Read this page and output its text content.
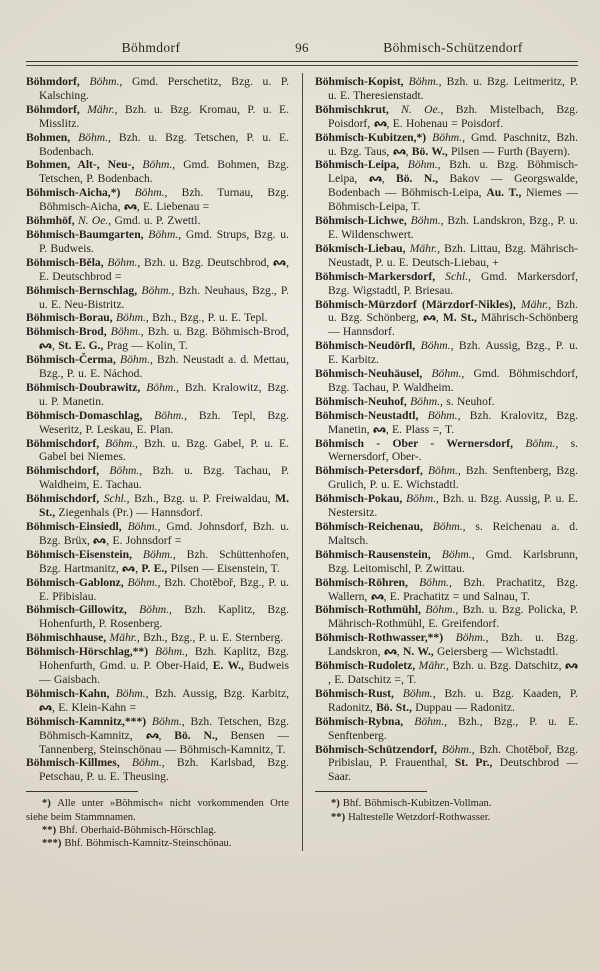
Böhmdorf	96	Böhmisch-Schützendorf

Böhmdorf, Böhm., Gmd. Perschetitz, Bzg. u. P. Kalsching.

Böhmdorf, Mähr., Bzh. u. Bzg. Kromau, P. u. E. Misslitz.

Bohmen, Böhm., Bzh. u. Bzg. Tetschen, P. u. E. Bodenbach.

Bohmen, Alt-, Neu-, Böhm., Gmd. Bohmen, Bzg. Tetschen, P. Bodenbach.

Böhmisch-Aicha,*) Böhm., Bzh. Turnau, Bzg. Böhmisch-Aicha,
, E. Liebenau =

Böhmhöf, N. Oe., Gmd. u. P. Zwettl.

Böhmisch-Baumgarten, Böhm., Gmd. Strups, Bzg. u. P. Budweis.

Böhmisch-Běla, Böhm., Bzh. u. Bzg. Deutschbrod,
, E. Deutschbrod =

Böhmisch-Bernschlag, Böhm., Bzh. Neuhaus, Bzg., P. u. E. Neu-Bistritz.

Böhmisch-Borau, Böhm., Bzh., Bzg., P. u. E. Tepl.

Böhmisch-Brod, Böhm., Bzh. u. Bzg. Böhmisch-Brod,
, St. E. G., Prag — Kolin, T.

Böhmisch-Čerma, Böhm., Bzh. Neustadt a. d. Mettau, Bzg., P. u. E. Náchod.

Böhmisch-Doubrawitz, Böhm., Bzh. Kralowitz, Bzg. u. P. Manetin.

Böhmisch-Domaschlag, Böhm., Bzh. Tepl, Bzg. Weseritz, P. Leskau, E. Plan.

Böhmischdorf, Böhm., Bzh. u. Bzg. Gabel, P. u. E. Gabel bei Niemes.

Böhmischdorf, Böhm., Bzh. u. Bzg. Tachau, P. Waldheim, E. Tachau.

Böhmischdorf, Schl., Bzh., Bzg. u. P. Freiwaldau, M. St., Ziegenhals (Pr.) — Hannsdorf.

Böhmisch-Einsiedl, Böhm., Gmd. Johnsdorf, Bzh. u. Bzg. Brüx,
, E. Johnsdorf =

Böhmisch-Eisenstein, Böhm., Bzh. Schüttenhofen, Bzg. Hartmanitz,
, P. E., Pilsen — Eisenstein, T.

Böhmisch-Gablonz, Böhm., Bzh. Chotěboř, Bzg., P. u. E. Přibislau.

Böhmisch-Gillowitz, Böhm., Bzh. Kaplitz, Bzg. Hohenfurth, P. Rosenberg.

Böhmischhause, Mähr., Bzh., Bzg., P. u. E. Sternberg.

Böhmisch-Hörschlag,**) Böhm., Bzh. Kaplitz, Bzg. Hohenfurth, Gmd. u. P. Ober-Haid, E. W., Budweis — Gaisbach.

Böhmisch-Kahn, Böhm., Bzh. Aussig, Bzg. Karbitz,
, E. Klein-Kahn =

Böhmisch-Kamnitz,***) Böhm., Bzh. Tetschen, Bzg. Böhmisch-Kamnitz,
, Bö. N., Bensen — Tannenberg, Steinschönau — Böhmisch-Kamnitz, T.

Böhmisch-Killmes, Böhm., Bzh. Karlsbad, Bzg. Petschau, P. u. E. Theusing.

*) Alle unter »Böhmisch« nicht vorkommenden Orte siehe beim Stammnamen.

**) Bhf. Oberhaid-Böhmisch-Hörschlag.

***) Bhf. Böhmisch-Kamnitz-Steinschönau.

Böhmisch-Kopist, Böhm., Bzh. u. Bzg. Leitmeritz, P. u. E. Theresienstadt.

Böhmischkrut, N. Oe., Bzh. Mistelbach, Bzg. Poisdorf,
, E. Hohenau = Poisdorf.

Böhmisch-Kubitzen,*) Böhm., Gmd. Paschnitz, Bzh. u. Bzg. Taus,
, Bö. W., Pilsen — Furth (Bayern).

Böhmisch-Leipa, Böhm., Bzh. u. Bzg. Böhmisch-Leipa,
, Bö. N., Bakov — Georgswalde, Bodenbach — Böhmisch-Leipa, Au. T., Niemes — Böhmisch-Leipa, T.

Böhmisch-Lichwe, Böhm., Bzh. Landskron, Bzg., P. u. E. Wildenschwert.

Bökmisch-Liebau, Mähr., Bzh. Littau, Bzg. Mährisch-Neustadt, P. u. E. Deutsch-Liebau, +

Böhmisch-Markersdorf, Schl., Gmd. Markersdorf, Bzg. Wigstadtl, P. Briesau.

Böhmisch-Mürzdorf (Märzdorf-Nikles), Mähr., Bzh. u. Bzg. Schönberg,
, M. St., Mährisch-Schönberg — Hannsdorf.

Böhmisch-Neudörfl, Böhm., Bzh. Aussig, Bzg., P. u. E. Karbitz.

Böhmisch-Neuhäusel, Böhm., Gmd. Böhmischdorf, Bzg. Tachau, P. Waldheim.

Böhmisch-Neuhof, Böhm., s. Neuhof.

Böhmisch-Neustadtl, Böhm., Bzh. Kralovitz, Bzg. Manetin,
, E. Plass =, T.

Böhmisch - Ober - Wernersdorf, Böhm., s. Wernersdorf, Ober-.

Böhmisch-Petersdorf, Böhm., Bzh. Senftenberg, Bzg. Grulich, P. u. E. Wichstadtl.

Böhmisch-Pokau, Böhm., Bzh. u. Bzg. Aussig, P. u. E. Nestersitz.

Böhmisch-Reichenau, Böhm., s. Reichenau a. d. Maltsch.

Böhmisch-Rausenstein, Böhm., Gmd. Karlsbrunn, Bzg. Leitomischl, P. Zwittau.

Böhmisch-Röhren, Böhm., Bzh. Prachatitz, Bzg. Wallern,
, E. Prachatitz = und Salnau, T.

Böhmisch-Rothmühl, Böhm., Bzh. u. Bzg. Policka, P. Mährisch-Rothmühl, E. Greifendorf.

Böhmisch-Rothwasser,**) Böhm., Bzh. u. Bzg. Landskron,
, N. W., Geiersberg — Wichstadtl.

Böhmisch-Rudoletz, Mähr., Bzh. u. Bzg. Datschitz,
, E. Datschitz =, T.

Böhmisch-Rust, Böhm., Bzh. u. Bzg. Kaaden, P. Radonitz, Bö. St., Duppau — Radonitz.

Böhmisch-Rybna, Böhm., Bzh., Bzg., P. u. E. Senftenberg.

Böhmisch-Schützendorf, Böhm., Bzh. Chotěboř, Bzg. Pribislau, P. Frauenthal, St. Pr., Deutschbrod — Saar.

*) Bhf. Böhmisch-Kubitzen-Vollman.

**) Haltestelle Wetzdorf-Rothwasser.
